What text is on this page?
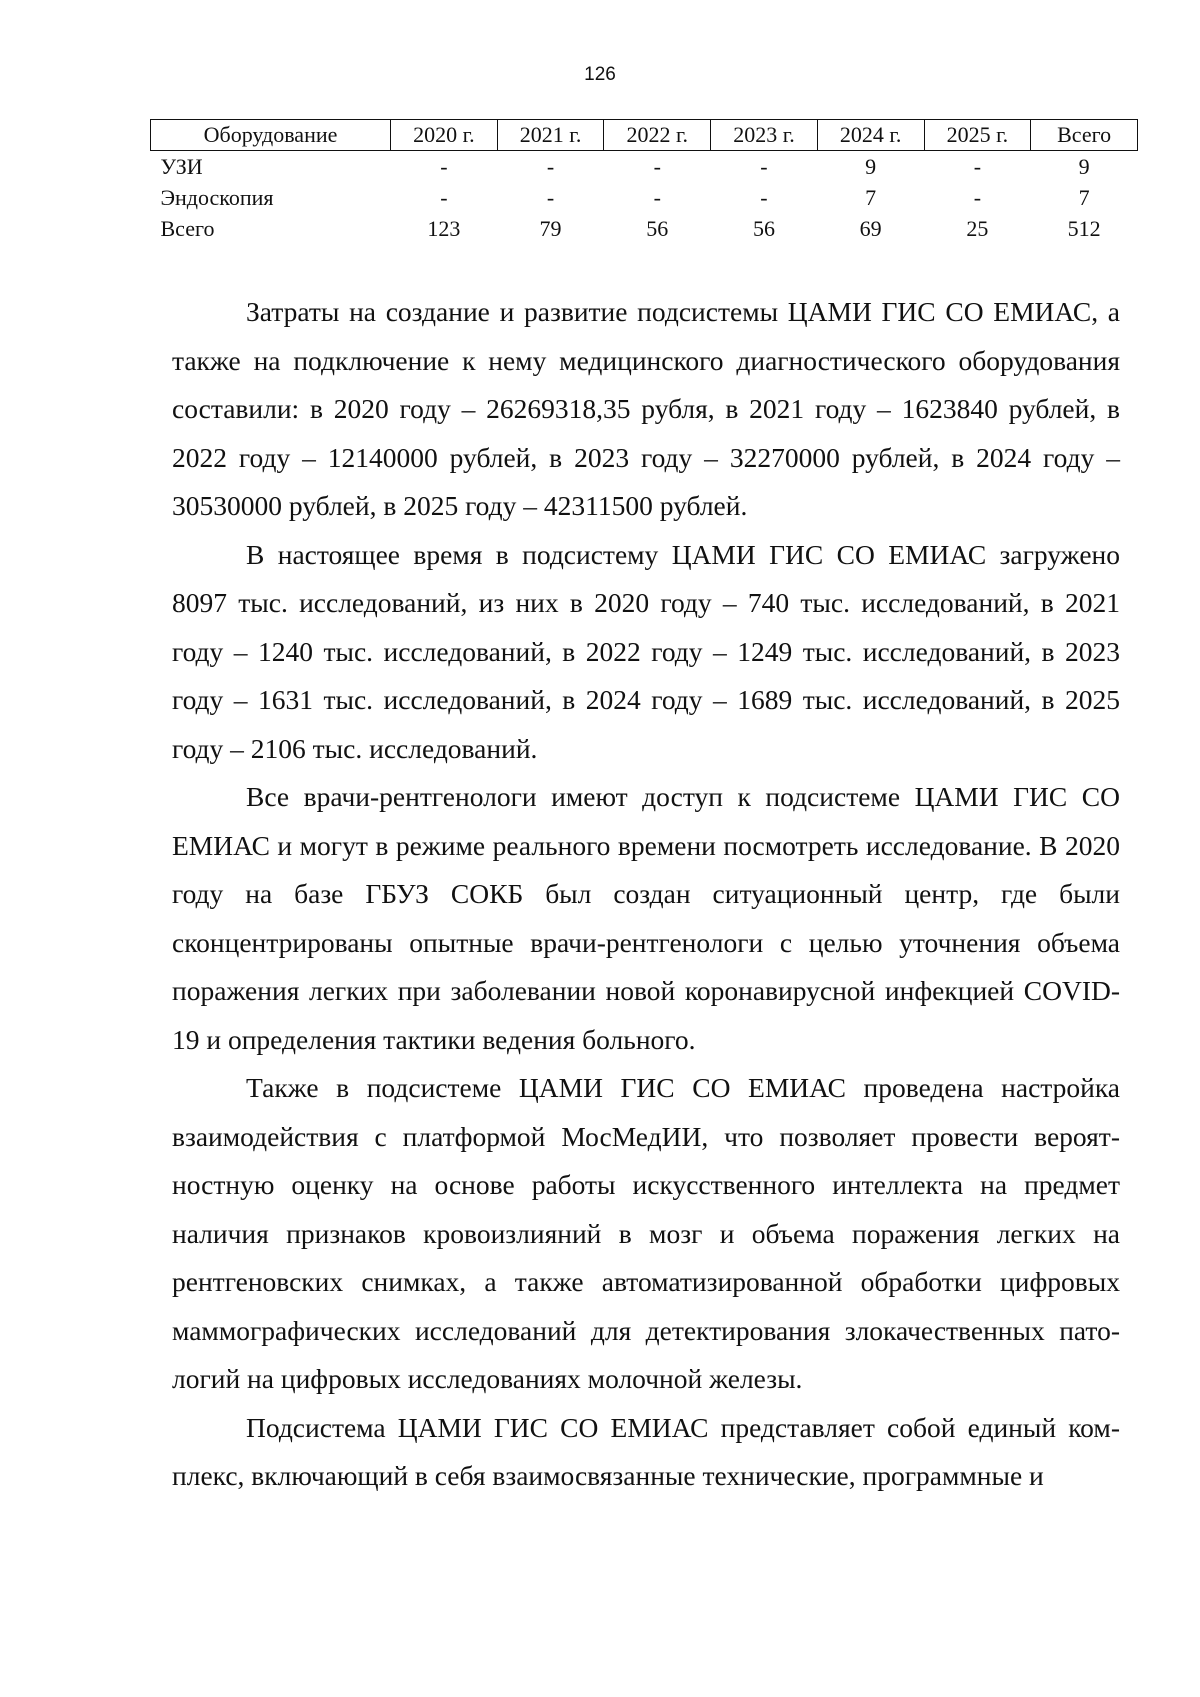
126
Оборудование	2020 г.	2021 г.	2022 г.	2023 г.	2024 г.	2025 г.	Всего
УЗИ	-	-	-	-	9	-	9
Эндоскопия	-	-	-	-	7	-	7
Всего	123	79	56	56	69	25	512

Затраты на создание и развитие подсистемы ЦАМИ ГИС СО ЕМИАС, а также на подключение к нему медицинского диагностического оборудования составили: в 2020 году – 26269318,35 рубля, в 2021 году – 1623840 рублей, в 2022 году – 12140000 рублей, в 2023 году – 32270000 рублей, в 2024 году – 30530000 рублей, в 2025 году – 42311500 рублей.

В настоящее время в подсистему ЦАМИ ГИС СО ЕМИАС загружено 8097 тыс. исследований, из них в 2020 году – 740 тыс. исследований, в 2021 году – 1240 тыс. исследований, в 2022 году – 1249 тыс. исследований, в 2023 году – 1631 тыс. исследований, в 2024 году – 1689 тыс. исследований, в 2025 году – 2106 тыс. исследований.

Все врачи-рентгенологи имеют доступ к подсистеме ЦАМИ ГИС СО ЕМИАС и могут в режиме реального времени посмотреть исследование. В 2020 году на базе ГБУЗ СОКБ был создан ситуационный центр, где были сконцентрированы опытные врачи-рентгенологи с целью уточнения объема поражения легких при заболевании новой коронавирусной инфекцией COVID-19 и определения тактики ведения больного.

Также в подсистеме ЦАМИ ГИС СО ЕМИАС проведена настройка взаимодействия с платформой МосМедИИ, что позволяет провести вероятностную оценку на основе работы искусственного интеллекта на предмет наличия признаков кровоизлияний в мозг и объема поражения легких на рентгеновских снимках, а также автоматизированной обработки цифровых маммографических исследований для детектирования злокачественных патологий на цифровых исследованиях молочной железы.

Подсистема ЦАМИ ГИС СО ЕМИАС представляет собой единый комплекс, включающий в себя взаимосвязанные технические, программные и
